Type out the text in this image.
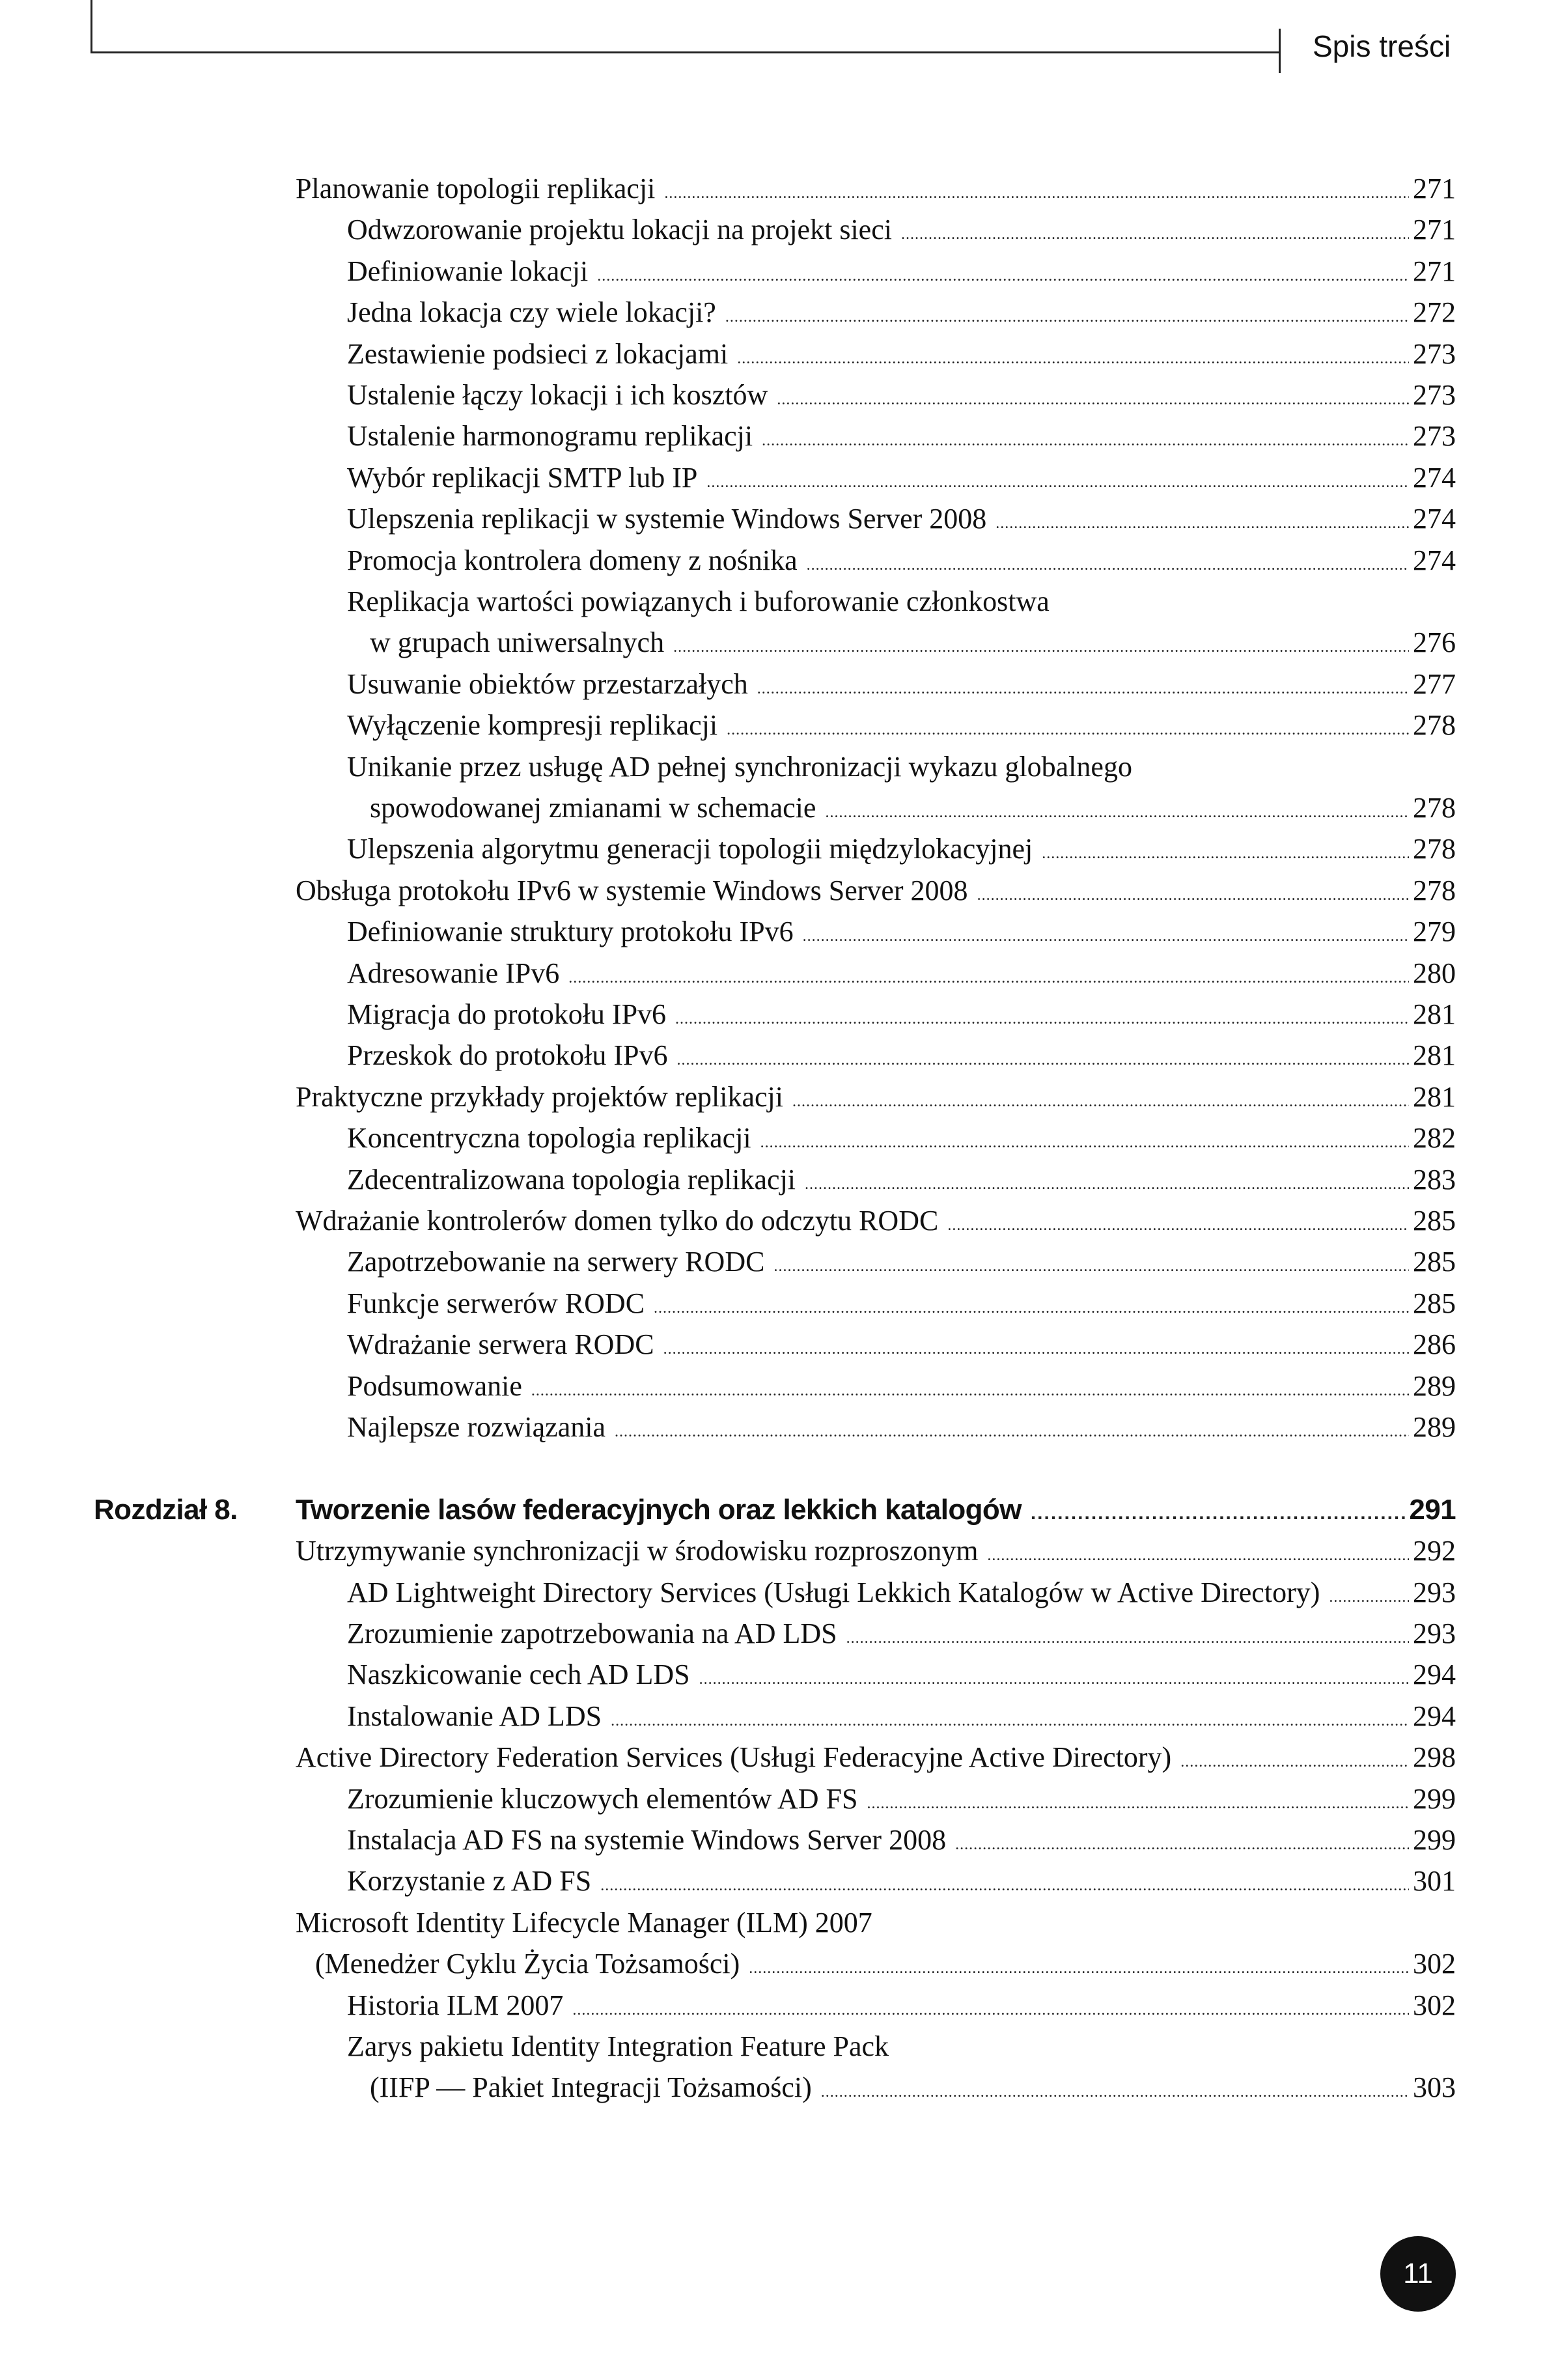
Spis treści
Planowanie topologii replikacji .....	271
Odwzorowanie projektu lokacji na projekt sieci .....	271
Definiowanie lokacji .....	271
Jedna lokacja czy wiele lokacji? .....	272
Zestawienie podsieci z lokacjami .....	273
Ustalenie łączy lokacji i ich kosztów .....	273
Ustalenie harmonogramu replikacji .....	273
Wybór replikacji SMTP lub IP .....	274
Ulepszenia replikacji w systemie Windows Server 2008 .....	274
Promocja kontrolera domeny z nośnika .....	274
Replikacja wartości powiązanych i buforowanie członkostwa
w grupach uniwersalnych .....	276
Usuwanie obiektów przestarzałych .....	277
Wyłączenie kompresji replikacji .....	278
Unikanie przez usługę AD pełnej synchronizacji wykazu globalnego
spowodowanej zmianami w schemacie .....	278
Ulepszenia algorytmu generacji topologii międzylokacyjnej .....	278
Obsługa protokołu IPv6 w systemie Windows Server 2008 .....	278
Definiowanie struktury protokołu IPv6 .....	279
Adresowanie IPv6 .....	280
Migracja do protokołu IPv6 .....	281
Przeskok do protokołu IPv6 .....	281
Praktyczne przykłady projektów replikacji .....	281
Koncentryczna topologia replikacji .....	282
Zdecentralizowana topologia replikacji .....	283
Wdrażanie kontrolerów domen tylko do odczytu RODC .....	285
Zapotrzebowanie na serwery RODC .....	285
Funkcje serwerów RODC .....	285
Wdrażanie serwera RODC .....	286
Podsumowanie .....	289
Najlepsze rozwiązania .....	289
Rozdział 8. Tworzenie lasów federacyjnych oraz lekkich katalogów .....	291
Utrzymywanie synchronizacji w środowisku rozproszonym .....	292
AD Lightweight Directory Services (Usługi Lekkich Katalogów w Active Directory) .....	293
Zrozumienie zapotrzebowania na AD LDS .....	293
Naszkicowanie cech AD LDS .....	294
Instalowanie AD LDS .....	294
Active Directory Federation Services (Usługi Federacyjne Active Directory) .....	298
Zrozumienie kluczowych elementów AD FS .....	299
Instalacja AD FS na systemie Windows Server 2008 .....	299
Korzystanie z AD FS .....	301
Microsoft Identity Lifecycle Manager (ILM) 2007
(Menedżer Cyklu Życia Tożsamości) .....	302
Historia ILM 2007 .....	302
Zarys pakietu Identity Integration Feature Pack
(IIFP — Pakiet Integracji Tożsamości) .....	303
11
